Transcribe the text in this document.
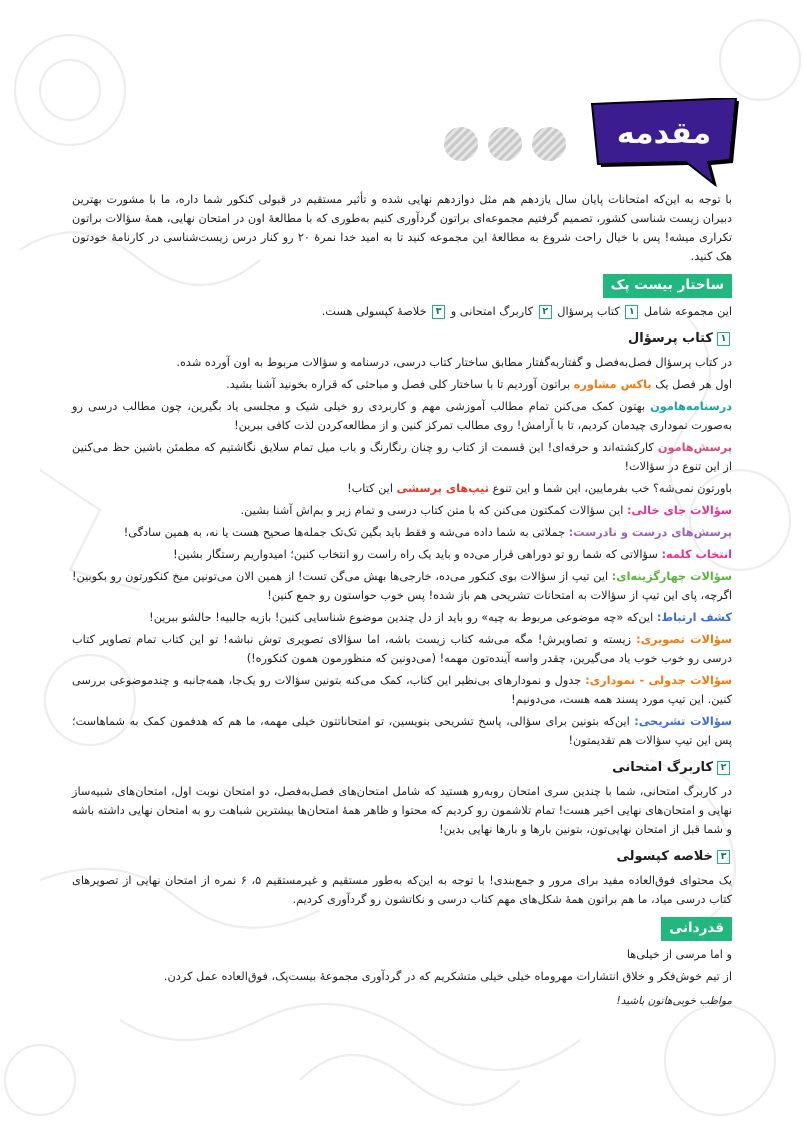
مقدمه

با توجه به این‌که امتحانات پایان سال یازدهم هم مثل دوازدهم نهایی شده و تأثیر مستقیم در قبولی کنکور شما داره، ما با مشورت بهترین دبیران زیست‌ شناسی کشور، تصمیم گرفتیم مجموعه‌ای براتون گردآوری کنیم به‌طوری که با مطالعهٔ اون در امتحان نهایی، همهٔ سؤالات براتون تکراری میشه! پس با خیال راحت شروع به مطالعهٔ این مجموعه کنید تا به امید خدا نمرهٔ ۲۰ رو کنار درس زیست‌شناسی در کارنامهٔ خودتون هک کنید.

ساختار بیست پک

این مجموعه شامل ۱ کتاب پرسؤال ۲ کاربرگ امتحانی و ۳ خلاصهٔ کپسولی هست.

۱کتاب پرسؤال

در کتاب پرسؤال فصل‌به‌فصل و گفتاربه‌گفتار مطابق ساختار کتاب درسی، درسنامه و سؤالات مربوط به اون آورده شده.

اول هر فصل یک باکس مشاوره براتون آوردیم تا با ساختار کلی فصل و مباحثی که قراره بخونید آشنا بشید.

درسنامه‌هامون بهتون کمک می‌کنن تمام مطالب آموزشی مهم و کاربردی رو خیلی شیک و مجلسی یاد بگیرین، چون مطالب درسی رو به‌صورت نموداری چیدمان کردیم، تا با آرامش! روی مطالب تمرکز کنین و از مطالعه‌کردن لذت کافی ببرین!

پرسش‌هامون کارکشته‌اند و حرفه‌ای! این قسمت از کتاب رو چنان رنگارنگ و باب میل تمام سلایق نگاشتیم که مطمئن باشین حظ می‌کنین از این تنوع در سؤالات!

باورتون نمی‌شه؟ خب بفرمایین، این شما و این تنوع تیپ‌های پرسشی این کتاب!

سؤالات جای خالی: این سؤالات کمکتون می‌کنن که با متن کتاب درسی و تمام زیر و بم‌اش آشنا بشین.

پرسش‌های درست و نادرست: جملاتی به شما داده می‌شه و فقط باید بگین تک‌تک جمله‌ها صحیح هست یا نه، به همین سادگی!

انتخاب کلمه: سؤالاتی که شما رو تو دوراهی قرار می‌ده و باید یک راه راست رو انتخاب کنین؛ امیدواریم رستگار بشین!

سؤالات چهارگزینه‌ای: این تیپ از سؤالات بوی کنکور می‌ده، خارجی‌ها بهش می‌گن تست! از همین الان می‌تونین میخ کنکورتون رو بکوبین! اگرچه، پای این تیپ از سؤالات به امتحانات تشریحی هم باز شده! پس خوب حواستون رو جمع کنین!

کشف ارتباط: این‌که «چه موضوعی مربوط به چیه» رو باید از دل چندین موضوع شناسایی کنین! بازیه جالبیه! حالشو ببرین!

سؤالات تصویری: زیسته و تصاویرش! مگه می‌شه کتاب زیست باشه، اما سؤالای تصویری توش نباشه! تو این کتاب تمام تصاویر کتاب درسی رو خوب خوب یاد می‌گیرین، چقدر واسه آینده‌تون مهمه! (می‌دونین که منظورمون همون کنکوره!)

سؤالات جدولی - نموداری: جدول و نمودارهای بی‌نظیر این کتاب، کمک می‌کنه بتونین سؤالات رو یک‌جا، همه‌جانبه و چندموضوعی بررسی کنین. این تیپ مورد پسند همه هست، می‌دونیم!

سؤالات تشریحی: این‌که بتونین برای سؤالی، پاسخ تشریحی بنویسین، تو امتحاناتتون خیلی مهمه، ما هم که هدفمون کمک به شماهاست؛ پس این تیپ سؤالات هم تقدیمتون!

۲کاربرگ امتحانی

در کاربرگ امتحانی، شما با چندین سری امتحان روبه‌رو هستید که شامل امتحان‌های فصل‌به‌فصل، دو امتحان نوبت اول، امتحان‌های شبیه‌ساز نهایی و امتحان‌های نهایی اخیر هست! تمام تلاشمون رو کردیم که محتوا و ظاهر همهٔ امتحان‌ها بیشترین شباهت رو به امتحان نهایی داشته باشه و شما قبل از امتحان نهایی‌تون، بتونین بارها و بارها نهایی بدین!

۳خلاصه کپسولی

یک محتوای فوق‌العاده مفید برای مرور و جمع‌بندی! با توجه به این‌که به‌طور مستقیم و غیرمستقیم ۵، ۶ نمره از امتحان نهایی از تصویرهای کتاب درسی میاد، ما هم براتون همهٔ شکل‌های مهم کتاب درسی و نکاتشون رو گردآوری کردیم.

قدردانی

و اما مرسی از خیلی‌ها

از تیم خوش‌فکر و خلاق انتشارات مهروماه خیلی خیلی متشکریم که در گردآوری مجموعهٔ بیست‌پک، فوق‌العاده عمل کردن.

مواظب خوبی‌هاتون باشید!
